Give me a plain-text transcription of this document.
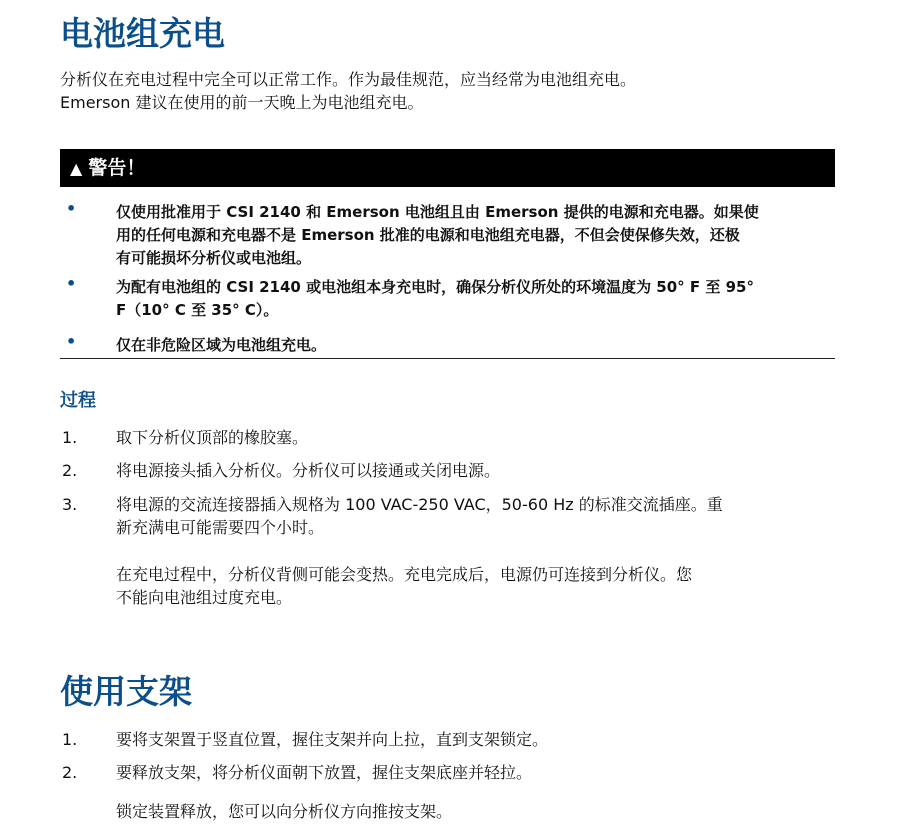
电池组充电
分析仪在充电过程中完全可以正常工作。作为最佳规范，应当经常为电池组充电。
Emerson 建议在使用的前一天晚上为电池组充电。
▲ 警告！
•	仅使用批准用于 CSI 2140 和 Emerson 电池组且由 Emerson 提供的电源和充电器。如果使
用的任何电源和充电器不是 Emerson 批准的电源和电池组充电器，不但会使保修失效，还极
有可能损坏分析仪或电池组。
•	为配有电池组的 CSI 2140 或电池组本身充电时，确保分析仪所处的环境温度为 50° F 至 95°
F（10° C 至 35° C）。
•	仅在非危险区域为电池组充电。
过程
1. 取下分析仪顶部的橡胶塞。
2. 将电源接头插入分析仪。分析仪可以接通或关闭电源。
3. 将电源的交流连接器插入规格为 100 VAC-250 VAC，50-60 Hz 的标准交流插座。重
新充满电可能需要四个小时。
在充电过程中，分析仪背侧可能会变热。充电完成后，电源仍可连接到分析仪。您
不能向电池组过度充电。
使用支架
1. 要将支架置于竖直位置，握住支架并向上拉，直到支架锁定。
2. 要释放支架，将分析仪面朝下放置，握住支架底座并轻拉。
锁定装置释放，您可以向分析仪方向推按支架。
